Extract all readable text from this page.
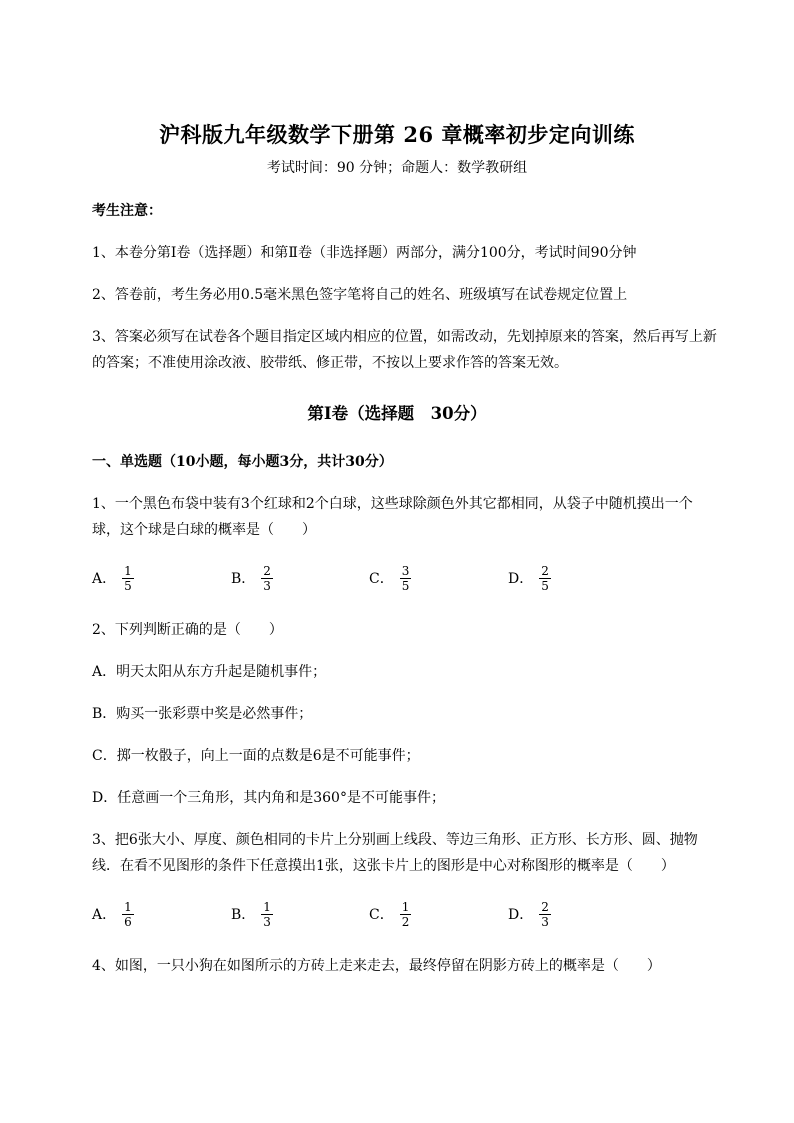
沪科版九年级数学下册第 26 章概率初步定向训练
考试时间：90 分钟；命题人：数学教研组
考生注意：
1、本卷分第Ⅰ卷（选择题）和第Ⅱ卷（非选择题）两部分，满分100分，考试时间90分钟
2、答卷前，考生务必用0.5毫米黑色签字笔将自己的姓名、班级填写在试卷规定位置上
3、答案必须写在试卷各个题目指定区域内相应的位置，如需改动，先划掉原来的答案，然后再写上新
的答案；不准使用涂改液、胶带纸、修正带，不按以上要求作答的答案无效。
第Ⅰ卷（选择题　30分）
一、单选题（10小题，每小题3分，共计30分）
1、一个黑色布袋中装有3个红球和2个白球，这些球除颜色外其它都相同，从袋子中随机摸出一个
球，这个球是白球的概率是（　　）
A． $\frac{1}{5}$	B． $\frac{2}{3}$	C． $\frac{3}{5}$	D． $\frac{2}{5}$
2、下列判断正确的是（　　）
A．明天太阳从东方升起是随机事件；
B．购买一张彩票中奖是必然事件；
C．掷一枚骰子，向上一面的点数是6是不可能事件；
D．任意画一个三角形，其内角和是360°是不可能事件；
3、把6张大小、厚度、颜色相同的卡片上分别画上线段、等边三角形、正方形、长方形、圆、抛物
线．在看不见图形的条件下任意摸出1张，这张卡片上的图形是中心对称图形的概率是（　　）
A． $\frac{1}{6}$	B． $\frac{1}{3}$	C． $\frac{1}{2}$	D． $\frac{2}{3}$
4、如图，一只小狗在如图所示的方砖上走来走去，最终停留在阴影方砖上的概率是（　　）
